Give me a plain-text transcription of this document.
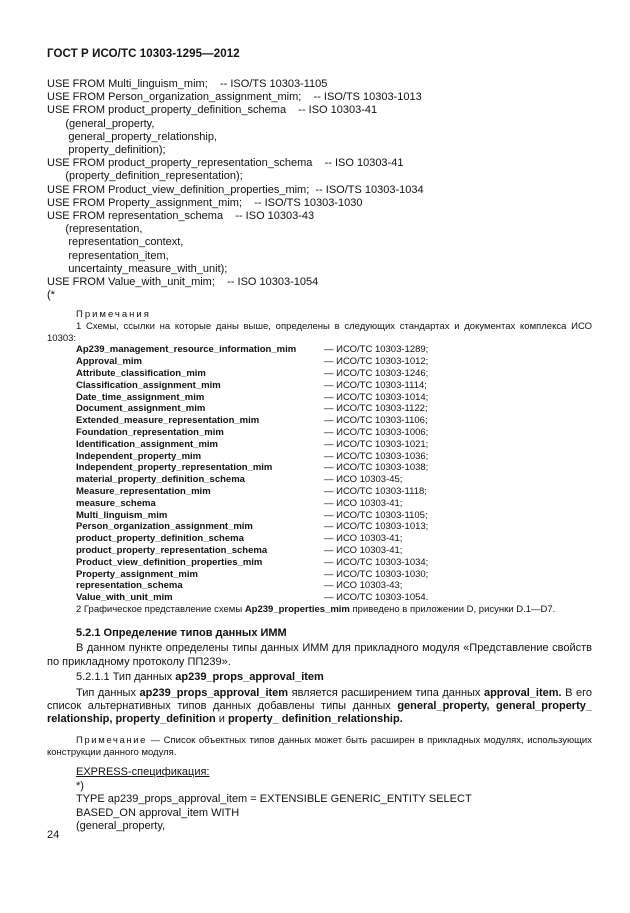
ГОСТ Р ИСО/ТС 10303-1295—2012
USE FROM Multi_linguism_mim;    -- ISO/TS 10303-1105
USE FROM Person_organization_assignment_mim;    -- ISO/TS 10303-1013
USE FROM product_property_definition_schema    -- ISO 10303-41
(general_property,
general_property_relationship,
property_definition);
USE FROM product_property_representation_schema    -- ISO 10303-41
(property_definition_representation);
USE FROM Product_view_definition_properties_mim;  -- ISO/TS 10303-1034
USE FROM Property_assignment_mim;    -- ISO/TS 10303-1030
USE FROM representation_schema    -- ISO 10303-43
(representation,
representation_context,
representation_item,
uncertainty_measure_with_unit);
USE FROM Value_with_unit_mim;    -- ISO 10303-1054
(*
Примечания
1 Схемы, ссылки на которые даны выше, определены в следующих стандартах и документах комплекса ИСО 10303:
Ap239_management_resource_information_mim	— ИСО/ТС 10303-1289;
Approval_mim	— ИСО/ТС 10303-1012;
Attribute_classification_mim	— ИСО/ТС 10303-1246;
Classification_assignment_mim	— ИСО/ТС 10303-1114;
Date_time_assignment_mim	— ИСО/ТС 10303-1014;
Document_assignment_mim	— ИСО/ТС 10303-1122;
Extended_measure_representation_mim	— ИСО/ТС 10303-1106;
Foundation_representation_mim	— ИСО/ТС 10303-1006;
Identification_assignment_mim	— ИСО/ТС 10303-1021;
Independent_property_mim	— ИСО/ТС 10303-1036;
Independent_property_representation_mim	— ИСО/ТС 10303-1038;
material_property_definition_schema	— ИСО 10303-45;
Measure_representation_mim	— ИСО/ТС 10303-1118;
measure_schema	— ИСО 10303-41;
Multi_linguism_mim	— ИСО/ТС 10303-1105;
Person_organization_assignment_mim	— ИСО/ТС 10303-1013;
product_property_definition_schema	— ИСО 10303-41;
product_property_representation_schema	— ИСО 10303-41;
Product_view_definition_properties_mim	— ИСО/ТС 10303-1034;
Property_assignment_mim	— ИСО/ТС 10303-1030;
representation_schema	— ИСО 10303-43;
Value_with_unit_mim	— ИСО/ТС 10303-1054.
2 Графическое представление схемы Ap239_properties_mim приведено в приложении D, рисунки D.1—D7.

5.2.1 Определение типов данных ИММ

В данном пункте определены типы данных ИММ для прикладного модуля «Представление свойств по прикладному протоколу ПП239».

5.2.1.1 Тип данных ap239_props_approval_item

Тип данных ap239_props_approval_item является расширением типа данных approval_item. В его список альтернативных типов данных добавлены типы данных general_property, general_property_ relationship, property_definition и property_ definition_relationship.

Примечание — Список объектных типов данных может быть расширен в прикладных модулях, использующих конструкции данного модуля.

EXPRESS-спецификация:

*)

TYPE ap239_props_approval_item = EXTENSIBLE GENERIC_ENTITY SELECT

BASED_ON approval_item WITH

(general_property,

24
